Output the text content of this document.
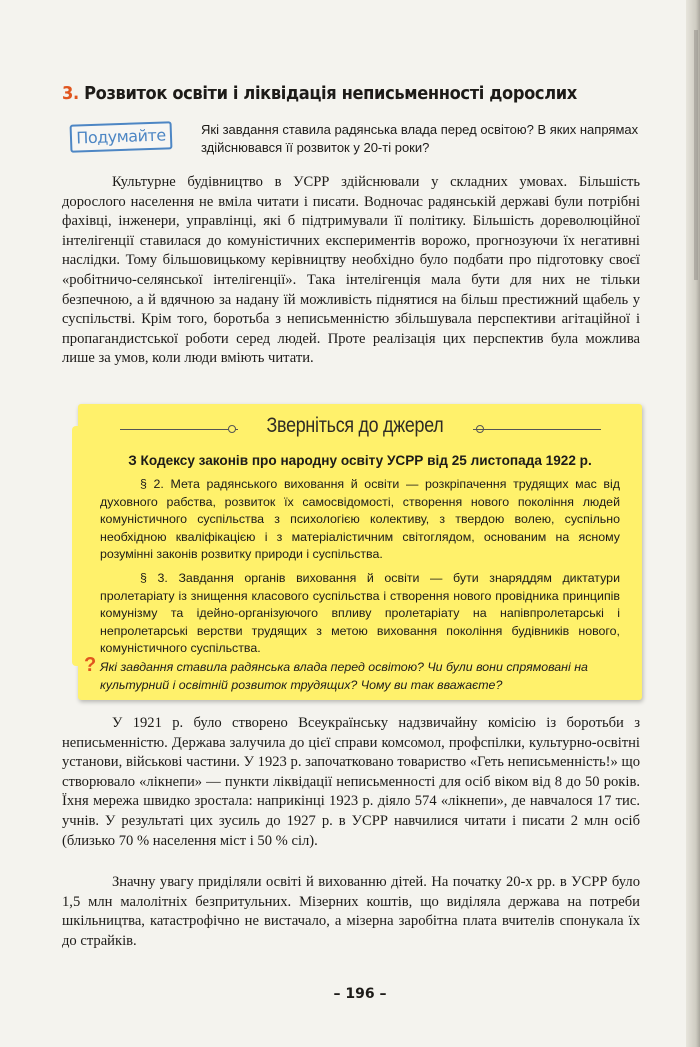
3. Розвиток освіти і ліквідація неписьменності дорослих
Подумайте	Які завдання ставила радянська влада перед освітою? В яких напрямах здійснювався її розвиток у 20-ті роки?

Культурне будівництво в УСРР здійснювали у складних умовах. Більшість дорослого населення не вміла читати і писати. Водночас радянській державі були потрібні фахівці, інженери, управлінці, які б підтримували її політику. Більшість дореволюційної інтелігенції ставилася до комуністичних експериментів ворожо, прогнозуючи їх негативні наслідки. Тому більшовицькому керівництву необхідно було подбати про підготовку своєї «робітничо-селянської інтелігенції». Така інтелігенція мала бути для них не тільки безпечною, а й вдячною за надану їй можливість піднятися на більш престижний щабель у суспільстві. Крім того, боротьба з неписьменністю збільшувала перспективи агітаційної і пропагандистської роботи серед людей. Проте реалізація цих перспектив була можлива лише за умов, коли люди вміють читати.

Зверніться до джерел
З Кодексу законів про народну освіту УСРР від 25 листопада 1922 р.

§ 2. Мета радянського виховання й освіти — розкріпачення трудящих мас від духовного рабства, розвиток їх самосвідомості, створення нового покоління людей комуністичного суспільства з психологією колективу, з твердою волею, суспільно необхідною кваліфікацією і з матеріалістичним світоглядом, основаним на ясному розумінні законів розвитку природи і суспільства.

§ 3. Завдання органів виховання й освіти — бути знаряддям диктатури пролетаріату із знищення класового суспільства і створення нового провідника принципів комунізму та ідейно-організуючого впливу пролетаріату на напівпролетарські і непролетарські верстви трудящих з метою виховання покоління будівників нового, комуністичного суспільства.

? Які завдання ставила радянська влада перед освітою? Чи були вони спрямовані на культурний і освітній розвиток трудящих? Чому ви так вважаєте?

У 1921 р. було створено Всеукраїнську надзвичайну комісію із боротьби з неписьменністю. Держава залучила до цієї справи комсомол, профспілки, культурно-освітні установи, військові частини. У 1923 р. започатковано товариство «Геть неписьменність!» що створювало «лікнепи» — пункти ліквідації неписьменності для осіб віком від 8 до 50 років. Їхня мережа швидко зростала: наприкінці 1923 р. діяло 574 «лікнепи», де навчалося 17 тис. учнів. У результаті цих зусиль до 1927 р. в УСРР навчилися читати і писати 2 млн осіб (близько 70 % населення міст і 50 % сіл).

Значну увагу приділяли освіті й вихованню дітей. На початку 20-х рр. в УСРР було 1,5 млн малолітніх безпритульних. Мізерних коштів, що виділяла держава на потреби шкільництва, катастрофічно не вистачало, а мізерна заробітна плата вчителів спонукала їх до страйків.

– 196 –
